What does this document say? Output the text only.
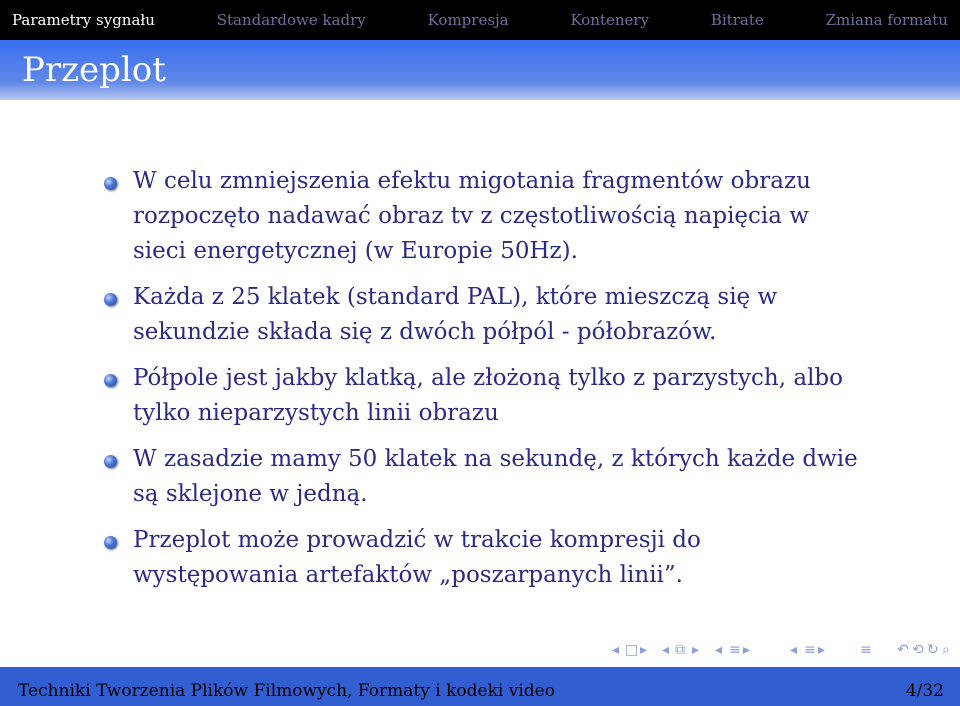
Parametry sygnału	Standardowe kadry	Kompresja	Kontenery	Bitrate	Zmiana formatu
Przeplot
W celu zmniejszenia efektu migotania fragmentów obrazu rozpoczęto nadawać obraz tv z częstotliwością napięcia w sieci energetycznej (w Europie 50Hz).
Każda z 25 klatek (standard PAL), które mieszczą się w sekundzie składa się z dwóch półpól - półobrazów.
Półpole jest jakby klatką, ale złożoną tylko z parzystych, albo tylko nieparzystych linii obrazu
W zasadzie mamy 50 klatek na sekundę, z których każde dwie są sklejone w jedną.
Przeplot może prowadzić w trakcie kompresji do występowania artefaktów „poszarpanych linii”.
◂ □ ▸ ◂ ⧉ ▸ ◂ ≡ ▸	◂ ≡ ▸ ≡ ↶ ⟲ ↻ ⌕
Techniki Tworzenia Plików Filmowych, Formaty i kodeki video	4/32
